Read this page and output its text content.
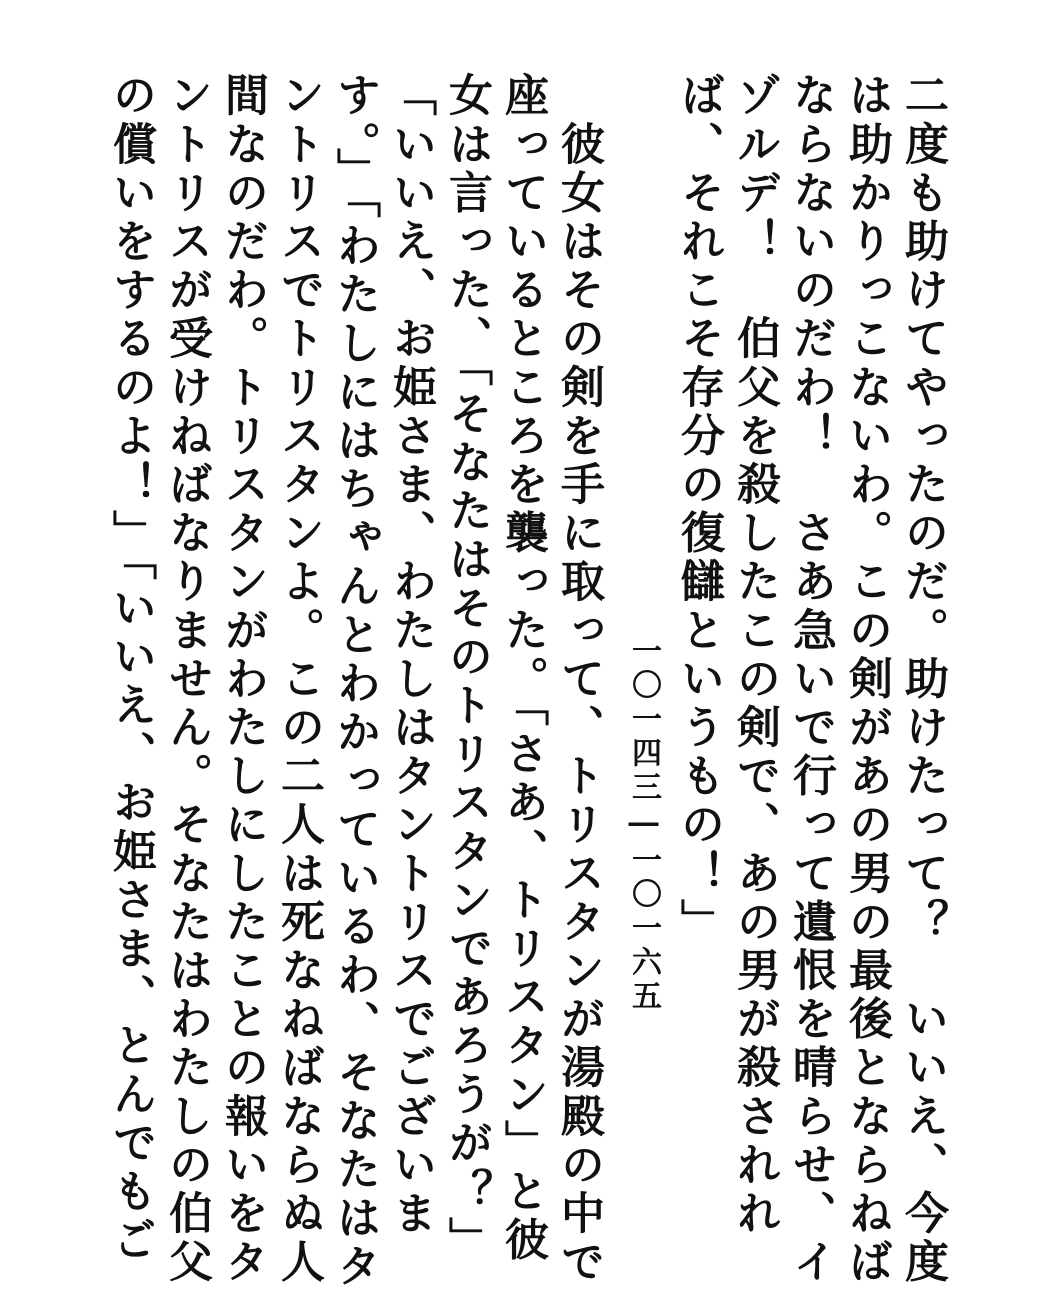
二度も助けてやったのだ。助けたって？　いいえ、今度
は助かりっこないわ。この剣があの男の最後とならねば
ならないのだわ！　さあ急いで行って遺恨を晴らせ、イ
ゾルデ！　伯父を殺したこの剣で、あの男が殺されれ
ば、それこそ存分の復讎というもの！」
一〇一四三―一〇一六五
　彼女はその剣を手に取って、トリスタンが湯殿の中で
座っているところを襲った。「さあ、トリスタン」と彼
女は言った、「そなたはそのトリスタンであろうが？」
「いいえ、お姫さま、わたしはタントリスでございま
す。」「わたしにはちゃんとわかっているわ、そなたはタ
ントリスでトリスタンよ。この二人は死なねばならぬ人
間なのだわ。トリスタンがわたしにしたことの報いをタ
ントリスが受けねばなりません。そなたはわたしの伯父
の償いをするのよ！」「いいえ、お姫さま、とんでもご
